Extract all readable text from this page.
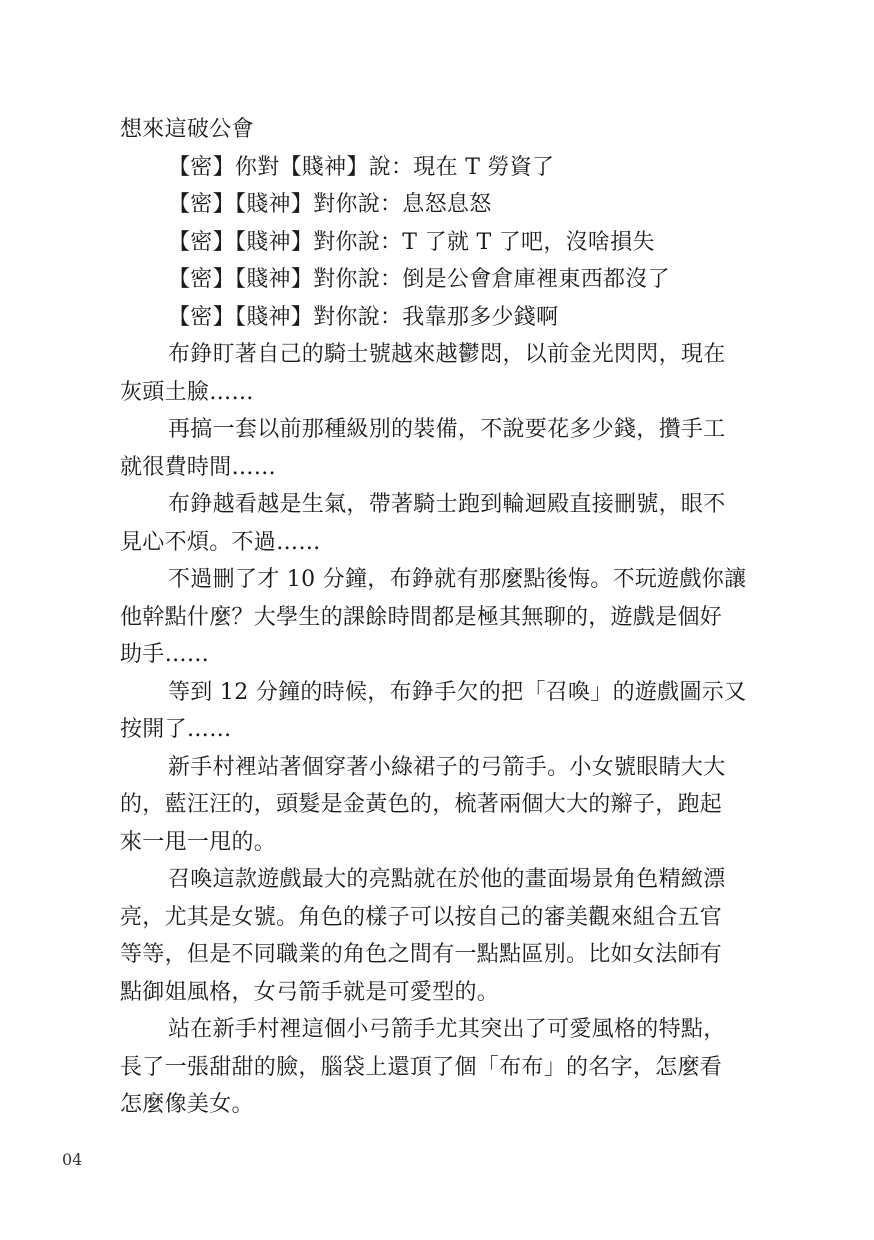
想來這破公會
【密】你對【賤神】說：現在 T 勞資了
【密】【賤神】對你說：息怒息怒
【密】【賤神】對你說：T 了就 T 了吧，沒啥損失
【密】【賤神】對你說：倒是公會倉庫裡東西都沒了
【密】【賤神】對你說：我靠那多少錢啊
布錚盯著自己的騎士號越來越鬱悶，以前金光閃閃，現在
灰頭土臉……
再搞一套以前那種級別的裝備，不說要花多少錢，攢手工
就很費時間……
布錚越看越是生氣，帶著騎士跑到輪迴殿直接刪號，眼不
見心不煩。不過……
不過刪了才 10 分鐘，布錚就有那麼點後悔。不玩遊戲你讓
他幹點什麼？大學生的課餘時間都是極其無聊的，遊戲是個好
助手……
等到 12 分鐘的時候，布錚手欠的把「召喚」的遊戲圖示又
按開了……
新手村裡站著個穿著小綠裙子的弓箭手。小女號眼睛大大
的，藍汪汪的，頭髮是金黃色的，梳著兩個大大的辮子，跑起
來一甩一甩的。
召喚這款遊戲最大的亮點就在於他的畫面場景角色精緻漂
亮，尤其是女號。角色的樣子可以按自己的審美觀來組合五官
等等，但是不同職業的角色之間有一點點區別。比如女法師有
點御姐風格，女弓箭手就是可愛型的。
站在新手村裡這個小弓箭手尤其突出了可愛風格的特點，
長了一張甜甜的臉，腦袋上還頂了個「布布」的名字，怎麼看
怎麼像美女。
04
